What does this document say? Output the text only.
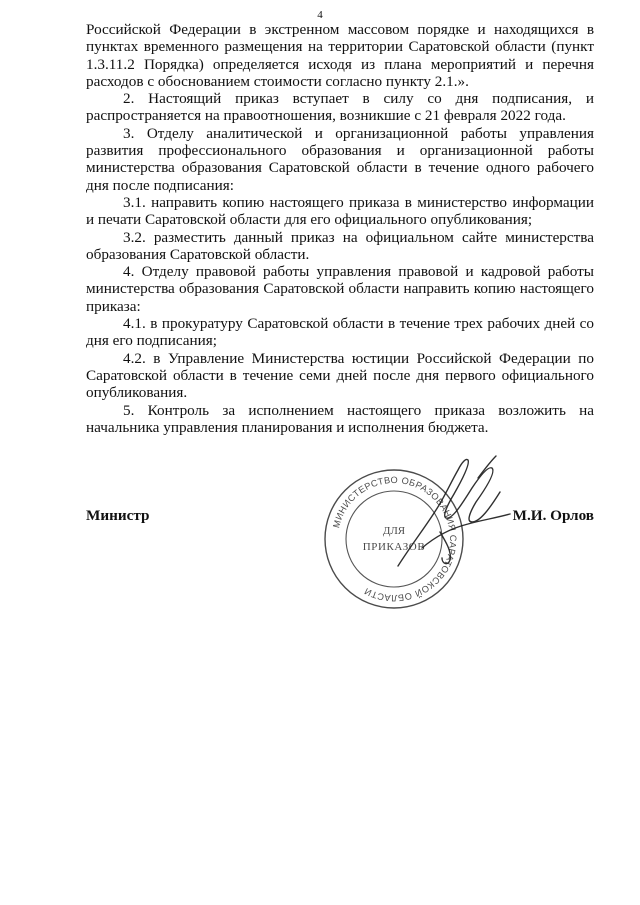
4

Российской Федерации в экстренном массовом порядке и находящихся в пунктах временного размещения на территории Саратовской области (пункт 1.3.11.2 Порядка) определяется исходя из плана мероприятий и перечня расходов с обоснованием стоимости согласно пункту 2.1.».

2. Настоящий приказ вступает в силу со дня подписания, и распространяется на правоотношения, возникшие с 21 февраля 2022 года.

3. Отделу аналитической и организационной работы управления развития профессионального образования и организационной работы министерства образования Саратовской области в течение одного рабочего дня после подписания:

3.1. направить копию настоящего приказа в министерство информации и печати Саратовской области для его официального опубликования;

3.2. разместить данный приказ на официальном сайте министерства образования Саратовской области.

4. Отделу правовой работы управления правовой и кадровой работы министерства образования Саратовской области направить копию настоящего приказа:

4.1. в прокуратуру Саратовской области в течение трех рабочих дней со дня его подписания;

4.2. в Управление Министерства юстиции Российской Федерации по Саратовской области в течение семи дней после дня первого официального опубликования.

5. Контроль за исполнением настоящего приказа возложить на начальника управления планирования и исполнения бюджета.

Министр	М.И. Орлов
МИНИСТЕРСТВО ОБРАЗОВАНИЯ САРАТОВСКОЙ ОБЛАСТИ
ДЛЯ
ПРИКАЗОВ
